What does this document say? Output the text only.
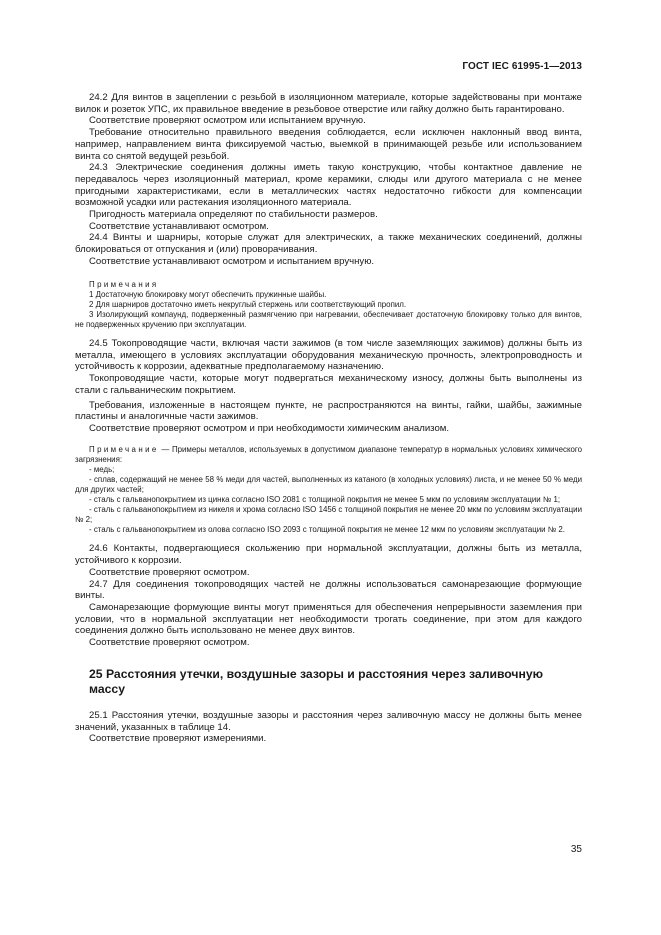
ГОСТ IEC 61995-1—2013

24.2 Для винтов в зацеплении с резьбой в изоляционном материале, которые задействованы при монтаже вилок и розеток УПС, их правильное введение в резьбовое отверстие или гайку должно быть гарантировано.

Соответствие проверяют осмотром или испытанием вручную.

Требование относительно правильного введения соблюдается, если исключен наклонный ввод винта, например, направлением винта фиксируемой частью, выемкой в принимающей резьбе или использованием винта со снятой ведущей резьбой.

24.3 Электрические соединения должны иметь такую конструкцию, чтобы контактное давление не передавалось через изоляционный материал, кроме керамики, слюды или другого материала с не менее пригодными характеристиками, если в металлических частях недостаточно гибкости для компенсации возможной усадки или растекания изоляционного материала.

Пригодность материала определяют по стабильности размеров.

Соответствие устанавливают осмотром.

24.4 Винты и шарниры, которые служат для электрических, а также механических соединений, должны блокироваться от отпускания и (или) проворачивания.

Соответствие устанавливают осмотром и испытанием вручную.

Примечания

1 Достаточную блокировку могут обеспечить пружинные шайбы.

2 Для шарниров достаточно иметь некруглый стержень или соответствующий пропил.

3 Изолирующий компаунд, подверженный размягчению при нагревании, обеспечивает достаточную блокировку только для винтов, не подверженных кручению при эксплуатации.

24.5 Токопроводящие части, включая части зажимов (в том числе заземляющих зажимов) должны быть из металла, имеющего в условиях эксплуатации оборудования механическую прочность, электропроводность и устойчивость к коррозии, адекватные предполагаемому назначению.

Токопроводящие части, которые могут подвергаться механическому износу, должны быть выполнены из стали с гальваническим покрытием.

Требования, изложенные в настоящем пункте, не распространяются на винты, гайки, шайбы, зажимные пластины и аналогичные части зажимов.

Соответствие проверяют осмотром и при необходимости химическим анализом.

Примечание — Примеры металлов, используемых в допустимом диапазоне температур в нормальных условиях химического загрязнения:

- медь;

- сплав, содержащий не менее 58 % меди для частей, выполненных из катаного (в холодных условиях) листа, и не менее 50 % меди для других частей;

- сталь с гальванопокрытием из цинка согласно ISO 2081 с толщиной покрытия не менее 5 мкм по условиям эксплуатации № 1;

- сталь с гальванопокрытием из никеля и хрома согласно ISO 1456 с толщиной покрытия не менее 20 мкм по условиям эксплуатации № 2;

- сталь с гальванопокрытием из олова согласно ISO 2093 с толщиной покрытия не менее 12 мкм по условиям эксплуатации № 2.

24.6 Контакты, подвергающиеся скольжению при нормальной эксплуатации, должны быть из металла, устойчивого к коррозии.

Соответствие проверяют осмотром.

24.7 Для соединения токопроводящих частей не должны использоваться самонарезающие формующие винты.

Самонарезающие формующие винты могут применяться для обеспечения непрерывности заземления при условии, что в нормальной эксплуатации нет необходимости трогать соединение, при этом для каждого соединения должно быть использовано не менее двух винтов.

Соответствие проверяют осмотром.

25 Расстояния утечки, воздушные зазоры и расстояния через заливочную массу

25.1 Расстояния утечки, воздушные зазоры и расстояния через заливочную массу не должны быть менее значений, указанных в таблице 14.

Соответствие проверяют измерениями.

35
